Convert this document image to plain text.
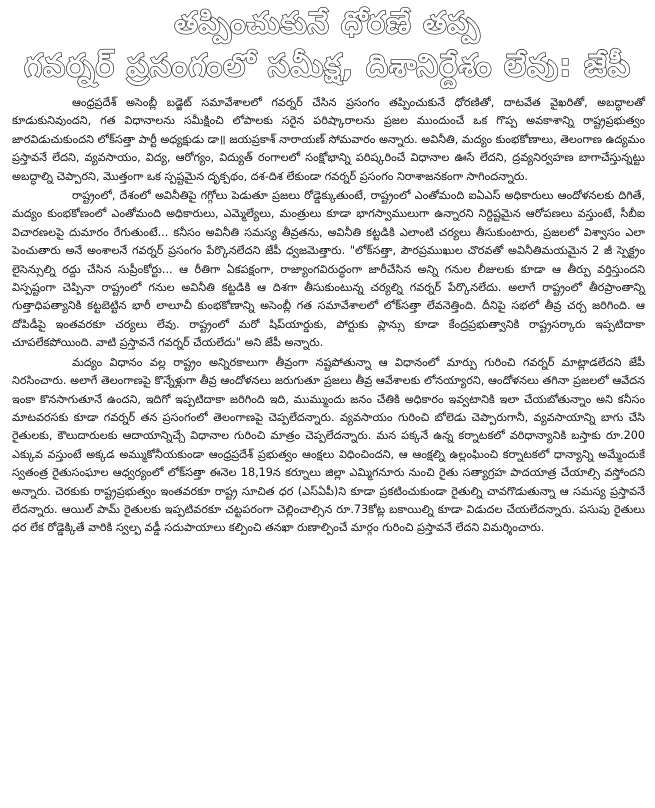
తప్పించుకునే ధోరణే తప్ప
గవర్నర్ ప్రసంగంలో సమీక్ష, దిశానిర్దేశం లేవు: జేపీ

ఆంధ్రప్రదేశ్ అసెంబ్లీ బడ్జెట్ సమావేశాలలో గవర్నర్ చేసిన ప్రసంగం తప్పించుకునే ధోరణితో, దాటవేత వైఖరితో, అబద్ధాలతో కూడుకునివుందని, గత విధానాలను సమీక్షించి లోపాలకు సరైన పరిష్కారాలను ప్రజల ముందుంచే ఒక గొప్ప అవకాశాన్ని రాష్ట్రప్రభుత్వం జారవిడుచుకుందని లోక్‌సత్తా పార్టీ అధ్యక్షుడు డా॥ జయప్రకాశ్ నారాయణ్ సోమవారం అన్నారు. అవినీతి, మద్యం కుంభకోణాలు, తెలంగాణ ఉద్యమం ప్రస్తావనే లేదని, వ్యవసాయం, విద్య, ఆరోగ్యం, విద్యుత్ రంగాలలో సంక్షోభాన్ని పరిష్కరించే విధానాల ఊసే లేదని, ద్రవ్యనిర్వహణ బాగాచేస్తున్నట్టు అబద్ధాల్ని చెప్పారని, మొత్తంగా ఒక స్పష్టమైన దృక్పథం, దశ-దిశ లేకుండా గవర్నర్ ప్రసంగం నిరాశాజనకంగా సాగిందన్నారు.

రాష్ట్రంలో, దేశంలో అవినీతిపై గగ్గోలు పెడుతూ ప్రజలు రోడ్డెక్కుతుంటే, రాష్ట్రంలో ఎంతోమంది ఐఏఎస్ అధికారులు ఆందోళనలకు దిగితే, మద్యం కుంభకోణంలో ఎంతోమంది అధికారులు, ఎమ్మెల్యేలు, మంత్రులు కూడా భాగస్వాములుగా ఉన్నారని నిర్దిష్టమైన ఆరోపణలు వస్తుంటే, సీబీఐ విచారణలపై దుమారం రేగుతుంటే... కనీసం అవినీతి సమస్య తీవ్రతను, అవినీతి కట్టడికి ఎలాంటి చర్యలు తీసుకుంటారు, ప్రజలలో విశ్వాసం ఎలా పెంచుతారు అనే అంశాలనే గవర్నర్ ప్రసంగం పేర్కొనలేదని జేపీ ధ్వజమెత్తారు. "లోక్‌సత్తా, పౌరప్రముఖుల చొరవతో అవినీతిమయమైన 2 జీ స్పెక్ట్రం లైసెన్సుల్ని రద్దు చేసిన సుప్రీంకోర్టు... ఆ రీతిగా ఏకపక్షంగా, రాజ్యాంగవిరుద్ధంగా జారీచేసిన అన్ని గనుల లీజులకు కూడా ఆ తీర్పు వర్తిస్తుందని విస్పష్టంగా చెప్పినా రాష్ట్రంలో గనుల అవినీతి కట్టడికి ఆ దిశగా తీసుకుంటున్న చర్యల్ని గవర్నర్ పేర్కొనలేదు. అలాగే రాష్ట్రంలో తీరప్రాంతాన్ని గుత్తాధిపత్యానికి కట్టబెట్టిన భారీ లాలూచీ కుంభకోణాన్ని అసెంబ్లీ గత సమావేశాలలో లోక్‌సత్తా లేవనెత్తింది. దీనిపై సభలో తీవ్ర చర్చ జరిగింది. ఆ దోపిడీపై ఇంతవరకూ చర్యలు లేవు. రాష్ట్రంలో మరో షిప్‌యార్డుకు, పోర్టుకు ప్లాన్సు కూడా కేంద్రప్రభుత్వానికి రాష్ట్రసర్కారు ఇప్పటిదాకా చూపలేకపోయింది. వాటి ప్రస్తావనే గవర్నర్ చేయలేదు" అని జేపీ అన్నారు.

మద్యం విధానం వల్ల రాష్ట్రం అన్నిరకాలుగా తీవ్రంగా నష్టపోతున్నా ఆ విధానంలో మార్పు గురించి గవర్నర్ మాట్లాడలేదని జేపీ నిరసించారు. అలాగే తెలంగాణపై కొన్నేళ్లుగా తీవ్ర ఆందోళనలు జరుగుతూ ప్రజలు తీవ్ర ఆవేశాలకు లోనయ్యారని, ఆందోళనలు తగినా ప్రజలలో ఆవేదన ఇంకా కొనసాగుతూనే ఉందని, ఇదిగో ఇప్పటిదాకా జరిగింది ఇది, ముమ్ముందు జనం చేతికి అధికారం ఇవ్వటానికి ఇలా చేయబోతున్నాం అని కనీసం మాటవరసకు కూడా గవర్నర్ తన ప్రసంగంలో తెలంగాణపై చెప్పలేదన్నారు. వ్యవసాయం గురించి బోలెడు చెప్పారుగానీ, వ్యవసాయాన్ని బాగు చేసి రైతులకు, కౌలుదారులకు ఆదాయాన్నిచ్చే విధానాల గురించి మాత్రం చెప్పలేదన్నారు. మన పక్కనే ఉన్న కర్నాటకలో వరిధాన్యానికి బస్తాకు రూ.200 ఎక్కువ వస్తుంటే అక్కడ అమ్ముకోనీయకుండా ఆంధ్రప్రదేశ్ ప్రభుత్వం ఆంక్షలు విధించిందని, ఆ ఆంక్షల్ని ఉల్లంఘించి కర్నాటకలో ధాన్యాన్ని అమ్మేందుకే స్వతంత్ర రైతుసంఘాల ఆధ్వర్యంలో లోక్‌సత్తా ఈనెల 18,19న కర్నూలు జిల్లా ఎమ్మిగనూరు నుంచి రైతు సత్యాగ్రహ పాదయాత్ర చేయాల్సి వస్తోందని అన్నారు. చెరకుకు రాష్ట్రప్రభుత్వం ఇంతవరకూ రాష్ట్ర సూచిత ధర (ఎస్ఏపీ)ని కూడా ప్రకటించుకుండా రైతుల్ని చావగొడుతున్నా ఆ సమస్య ప్రస్తావనే లేదన్నారు. ఆయిల్ పామ్ రైతులకు ఇప్పటివరకూ చట్టపరంగా చెల్లించాల్సిన రూ.73కోట్ల బకాయిల్ని కూడా విడుదల చేయలేదన్నారు. పసుపు రైతులు ధర లేక రోడ్డెక్కితే వారికి స్వల్ప వడ్డీ సదుపాయాలు కల్పించి తనఖా రుణాల్పించే మార్గం గురించి ప్రస్తావనే లేదని విమర్శించారు.
